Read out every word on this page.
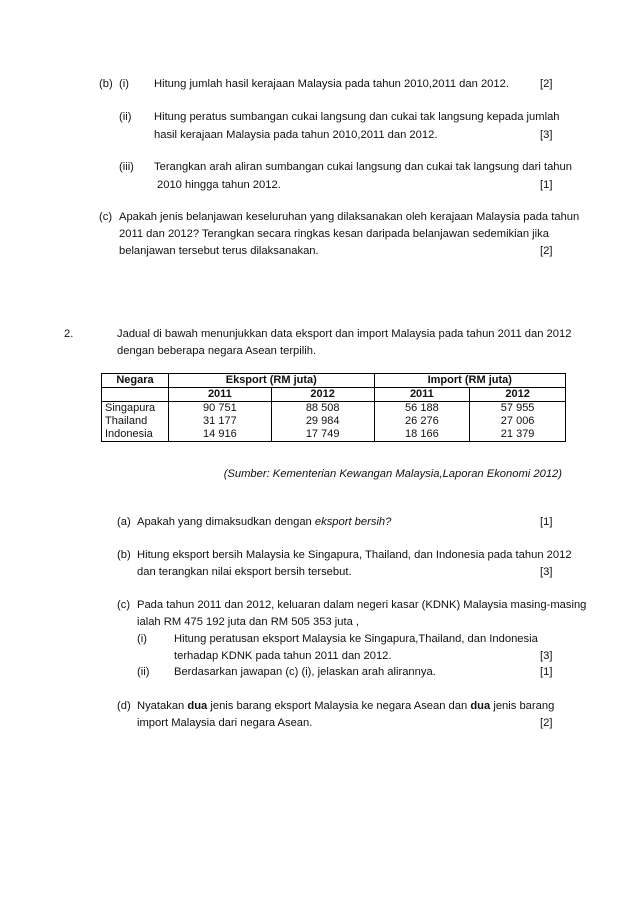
(b) (i) Hitung jumlah hasil kerajaan Malaysia pada tahun 2010,2011 dan 2012.	[2]
(ii) Hitung peratus sumbangan cukai langsung dan cukai tak langsung kepada jumlah
hasil kerajaan Malaysia pada tahun 2010,2011 dan 2012.	[3]
(iii) Terangkan arah aliran sumbangan cukai langsung dan cukai tak langsung dari tahun
2010 hingga tahun 2012.	[1]
(c) Apakah jenis belanjawan keseluruhan yang dilaksanakan oleh kerajaan Malaysia pada tahun
2011 dan 2012? Terangkan secara ringkas kesan daripada belanjawan sedemikian jika
belanjawan tersebut terus dilaksanakan.	[2]
2.	Jadual di bawah menunjukkan data eksport dan import Malaysia pada tahun 2011 dan 2012
dengan beberapa negara Asean terpilih.
Negara	Eksport (RM juta)		Import (RM juta)	
	2011	2012	2011	2012
Singapura	90 751	88 508	56 188	57 955
Thailand	31 177	29 984	26 276	27 006
Indonesia	14 916	17 749	18 166	21 379
(Sumber: Kementerian Kewangan Malaysia,Laporan Ekonomi 2012)
(a) Apakah yang dimaksudkan dengan eksport bersih?	[1]
(b) Hitung eksport bersih Malaysia ke Singapura, Thailand, dan Indonesia pada tahun 2012
dan terangkan nilai eksport bersih tersebut.	[3]
(c) Pada tahun 2011 dan 2012, keluaran dalam negeri kasar (KDNK) Malaysia masing-masing
ialah RM 475 192 juta dan RM 505 353 juta ,
(i) Hitung peratusan eksport Malaysia ke Singapura,Thailand, dan Indonesia
terhadap KDNK pada tahun 2011 dan 2012.	[3]
(ii) Berdasarkan jawapan (c) (i), jelaskan arah alirannya.	[1]
(d) Nyatakan dua jenis barang eksport Malaysia ke negara Asean dan dua jenis barang
import Malaysia dari negara Asean.	[2]
